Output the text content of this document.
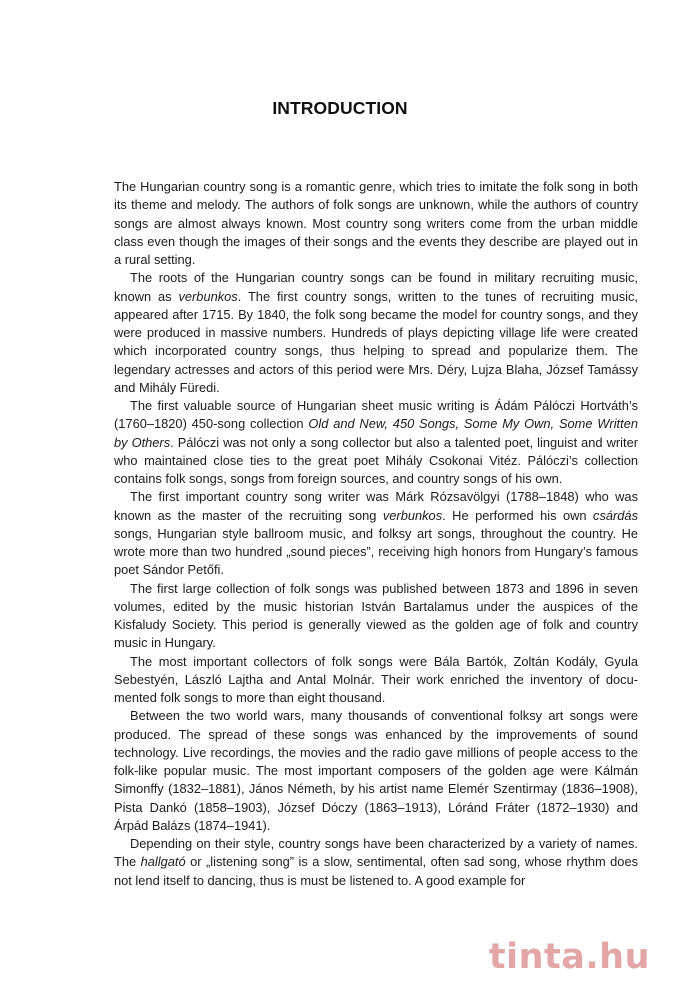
INTRODUCTION

The Hungarian country song is a romantic genre, which tries to imitate the folk song in both its theme and melody. The authors of folk songs are unknown, while the authors of country songs are almost always known. Most country song writers come from the urban middle class even though the images of their songs and the events they describe are played out in a rural setting.

The roots of the Hungarian country songs can be found in military recruiting music, known as verbunkos. The first country songs, written to the tunes of recruiting music, appeared after 1715. By 1840, the folk song became the model for country songs, and they were produced in massive numbers. Hundreds of plays depicting village life were created which incorporated country songs, thus helping to spread and popularize them. The legendary actresses and actors of this period were Mrs. Déry, Lujza Blaha, József Tamássy and Mihály Füredi.

The first valuable source of Hungarian sheet music writing is Ádám Pálóczi Hortváth’s (1760–1820) 450-song collection Old and New, 450 Songs, Some My Own, Some Written by Others. Pálóczi was not only a song collector but also a talented poet, linguist and writer who maintained close ties to the great poet Mihály Csokonai Vitéz. Pálóczi’s collection contains folk songs, songs from foreign sources, and country songs of his own.

The first important country song writer was Márk Rózsavölgyi (1788–1848) who was known as the master of the recruiting song verbunkos. He performed his own csárdás songs, Hungarian style ballroom music, and folksy art songs, throughout the country. He wrote more than two hundred „sound pieces”, receiving high honors from Hungary’s famous poet Sándor Petőfi.

The first large collection of folk songs was published between 1873 and 1896 in seven volumes, edited by the music historian István Bartalamus under the auspices of the Kisfaludy Society. This period is generally viewed as the golden age of folk and country music in Hungary.

The most important collectors of folk songs were Bála Bartók, Zoltán Kodály, Gyula Sebestyén, László Lajtha and Antal Molnár. Their work enriched the inventory of documented folk songs to more than eight thousand.

Between the two world wars, many thousands of conventional folksy art songs were produced. The spread of these songs was enhanced by the improvements of sound technology. Live recordings, the movies and the radio gave millions of people access to the folk-like popular music. The most important composers of the golden age were Kálmán Simonffy (1832–1881), János Németh, by his artist name Elemér Szentirmay (1836–1908), Pista Dankó (1858–1903), József Dóczy (1863–1913), Lóránd Fráter (1872–1930) and Árpád Balázs (1874–1941).

Depending on their style, country songs have been characterized by a variety of names. The hallgató or „listening song” is a slow, sentimental, often sad song, whose rhythm does not lend itself to dancing, thus is must be listened to. A good example for

tinta.hu
